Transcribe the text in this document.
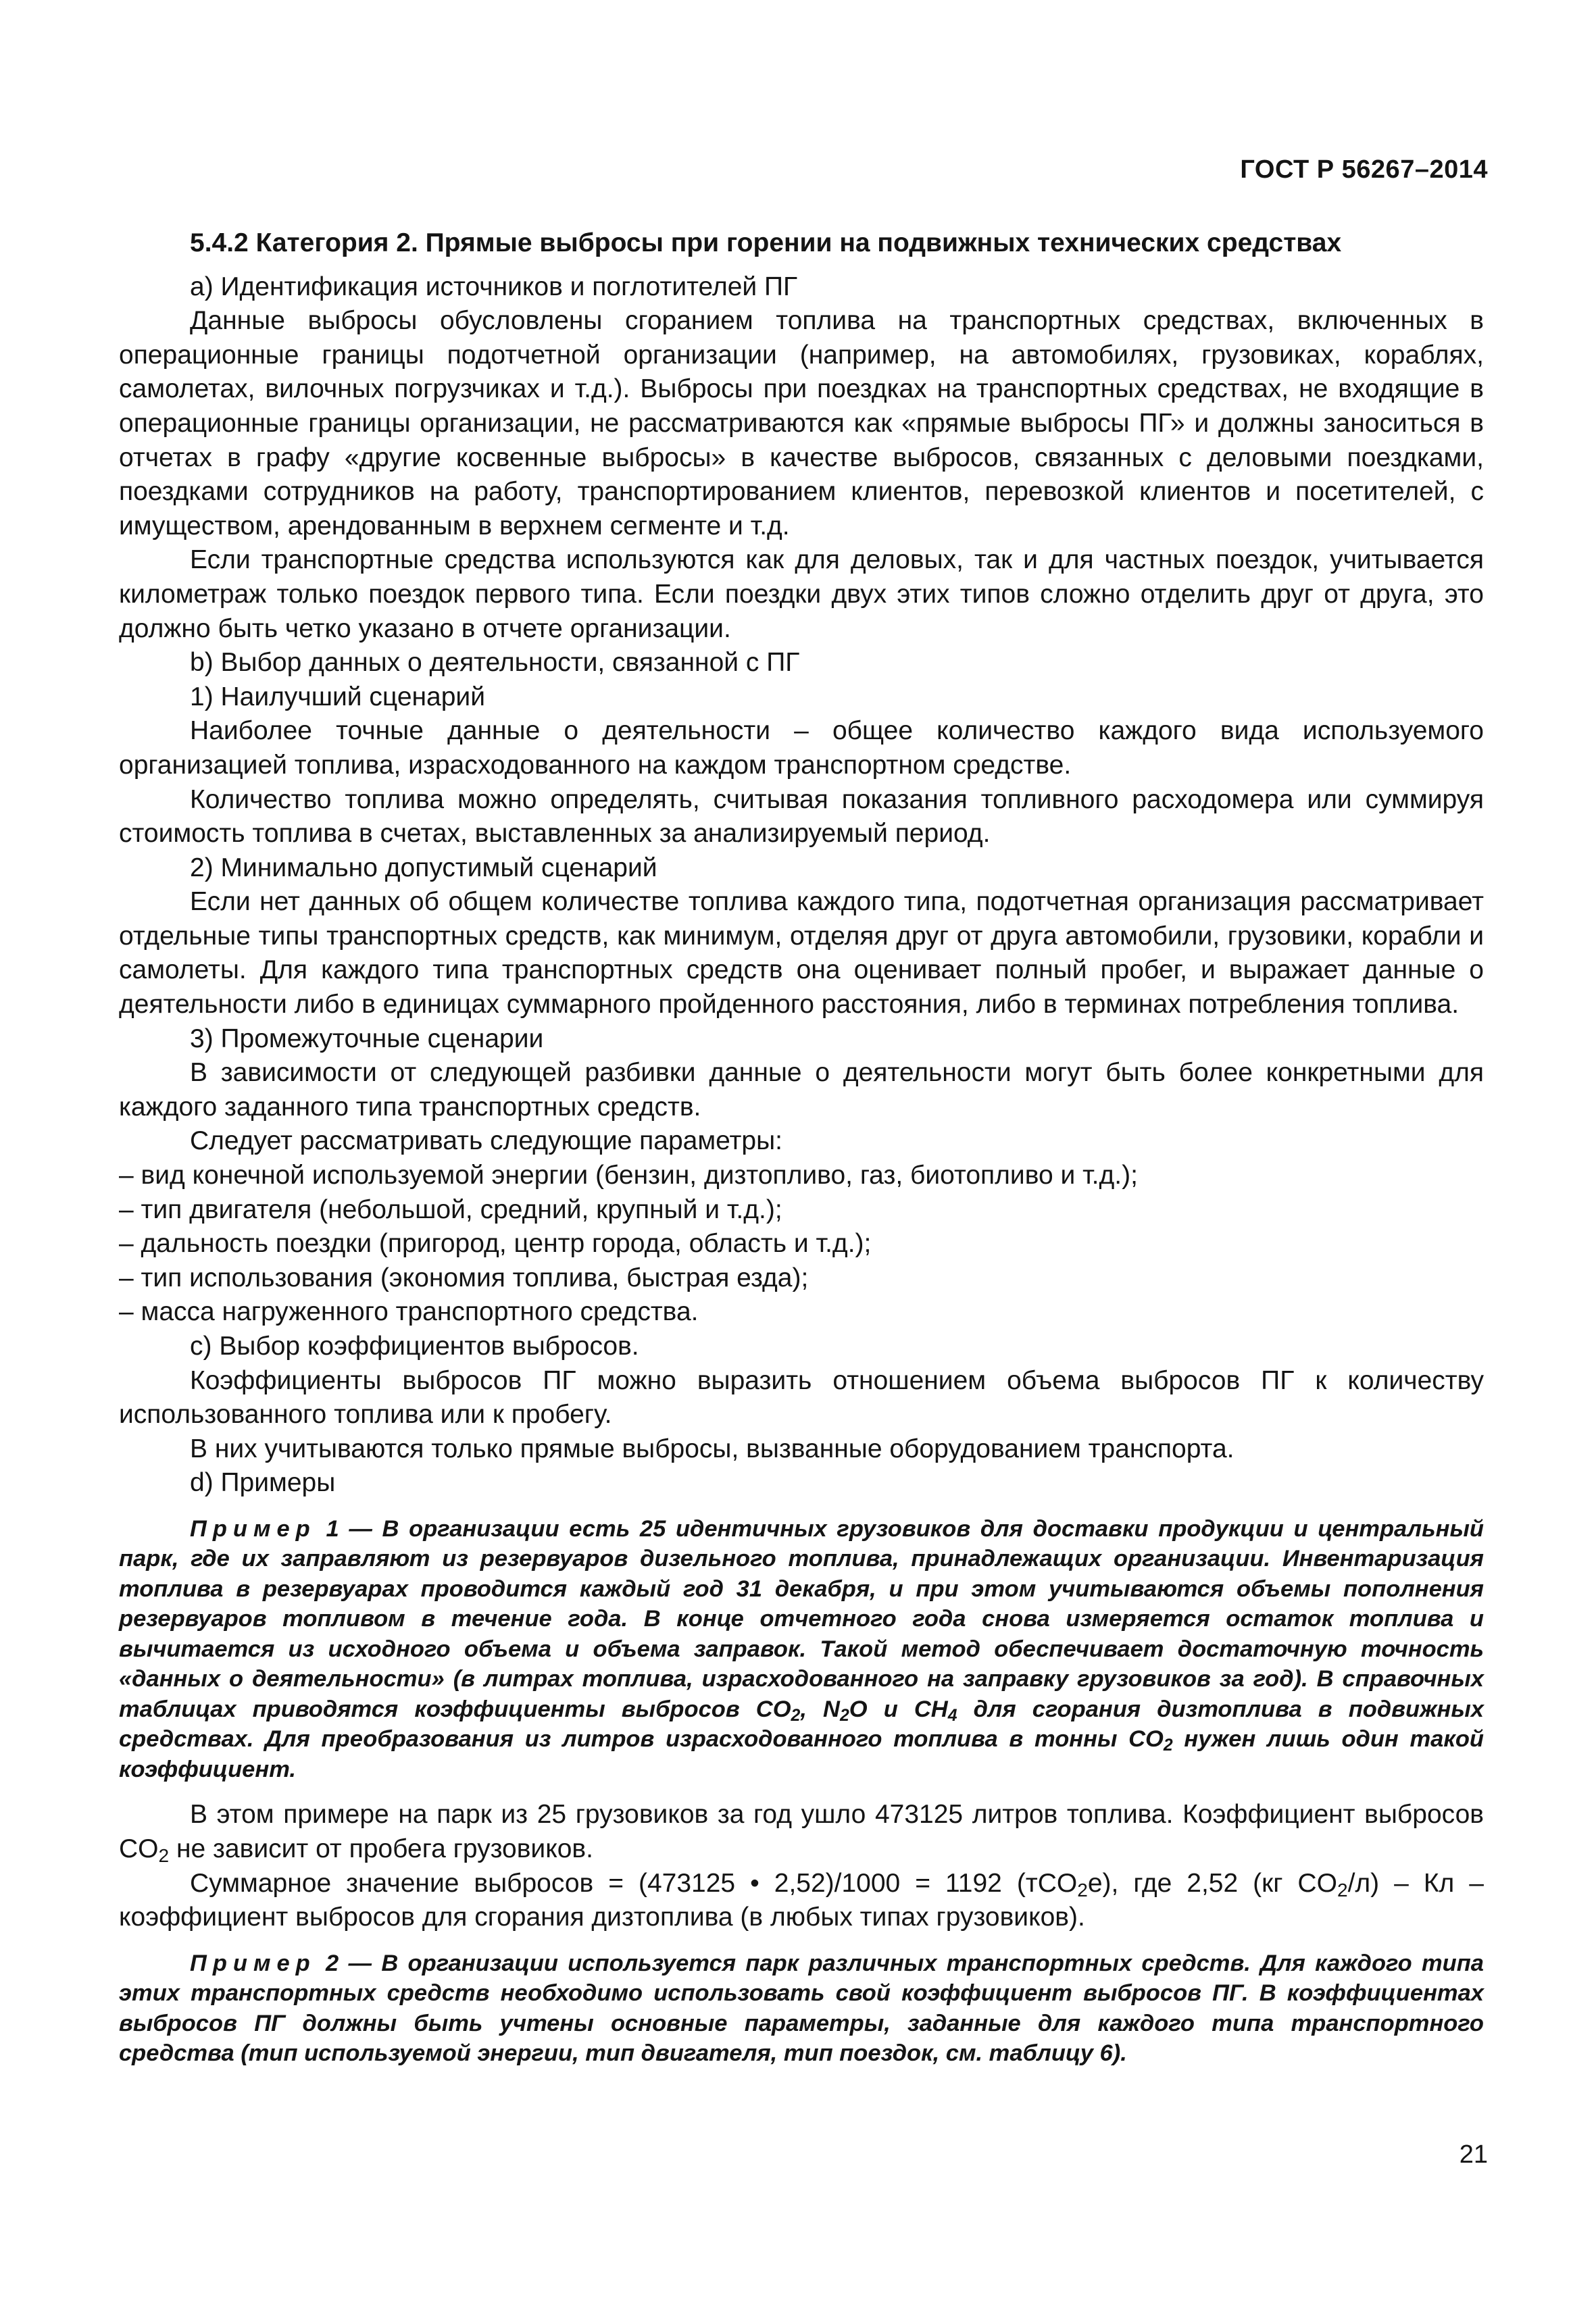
ГОСТ Р 56267–2014

5.4.2 Категория 2. Прямые выбросы при горении на подвижных технических средствах

а) Идентификация источников и поглотителей ПГ

Данные выбросы обусловлены сгоранием топлива на транспортных средствах, включенных в операционные границы подотчетной организации (например, на автомобилях, грузовиках, кораблях, самолетах, вилочных погрузчиках и т.д.). Выбросы при поездках на транспортных средствах, не входящие в операционные границы организации, не рассматриваются как «прямые выбросы ПГ» и должны заноситься в отчетах в графу «другие косвенные выбросы» в качестве выбросов, связанных с деловыми поездками, поездками сотрудников на работу, транспортированием клиентов, перевозкой клиентов и посетителей, с имуществом, арендованным в верхнем сегменте и т.д.

Если транспортные средства используются как для деловых, так и для частных поездок, учитывается километраж только поездок первого типа. Если поездки двух этих типов сложно отделить друг от друга, это должно быть четко указано в отчете организации.

b) Выбор данных о деятельности, связанной с ПГ

1) Наилучший сценарий

Наиболее точные данные о деятельности – общее количество каждого вида используемого организацией топлива, израсходованного на каждом транспортном средстве.

Количество топлива можно определять, считывая показания топливного расходомера или суммируя стоимость топлива в счетах, выставленных за анализируемый период.

2) Минимально допустимый сценарий

Если нет данных об общем количестве топлива каждого типа, подотчетная организация рассматривает отдельные типы транспортных средств, как минимум, отделяя друг от друга автомобили, грузовики, корабли и самолеты. Для каждого типа транспортных средств она оценивает полный пробег, и выражает данные о деятельности либо в единицах суммарного пройденного расстояния, либо в терминах потребления топлива.

3) Промежуточные сценарии

В зависимости от следующей разбивки данные о деятельности могут быть более конкретными для каждого заданного типа транспортных средств.

Следует рассматривать следующие параметры:

– вид конечной используемой энергии (бензин, дизтопливо, газ, биотопливо и т.д.);

– тип двигателя (небольшой, средний, крупный и т.д.);

– дальность поездки (пригород, центр города, область и т.д.);

– тип использования (экономия топлива, быстрая езда);

– масса нагруженного транспортного средства.

с) Выбор коэффициентов выбросов.

Коэффициенты выбросов ПГ можно выразить отношением объема выбросов ПГ к количеству использованного топлива или к пробегу.

В них учитываются только прямые выбросы, вызванные оборудованием транспорта.

d) Примеры

Пример 1 — В организации есть 25 идентичных грузовиков для доставки продукции и центральный парк, где их заправляют из резервуаров дизельного топлива, принадлежащих организации. Инвентаризация топлива в резервуарах проводится каждый год 31 декабря, и при этом учитываются объемы пополнения резервуаров топливом в течение года. В конце отчетного года снова измеряется остаток топлива и вычитается из исходного объема и объема заправок. Такой метод обеспечивает достаточную точность «данных о деятельности» (в литрах топлива, израсходованного на заправку грузовиков за год). В справочных таблицах приводятся коэффициенты выбросов $CO_2$, $N_2O$ и $CH_4$ для сгорания дизтоплива в подвижных средствах. Для преобразования из литров израсходованного топлива в тонны $CO_2$ нужен лишь один такой коэффициент.

В этом примере на парк из 25 грузовиков за год ушло 473125 литров топлива. Коэффициент выбросов $CO_2$ не зависит от пробега грузовиков.

Суммарное значение выбросов = (473125 • 2,52)/1000 = 1192 (тCO$_2$e), где 2,52 (кг $CO_2/л$) – Кл – коэффициент выбросов для сгорания дизтоплива (в любых типах грузовиков).

Пример 2 — В организации используется парк различных транспортных средств. Для каждого типа этих транспортных средств необходимо использовать свой коэффициент выбросов ПГ. В коэффициентах выбросов ПГ должны быть учтены основные параметры, заданные для каждого типа транспортного средства (тип используемой энергии, тип двигателя, тип поездок, см. таблицу 6).

21
